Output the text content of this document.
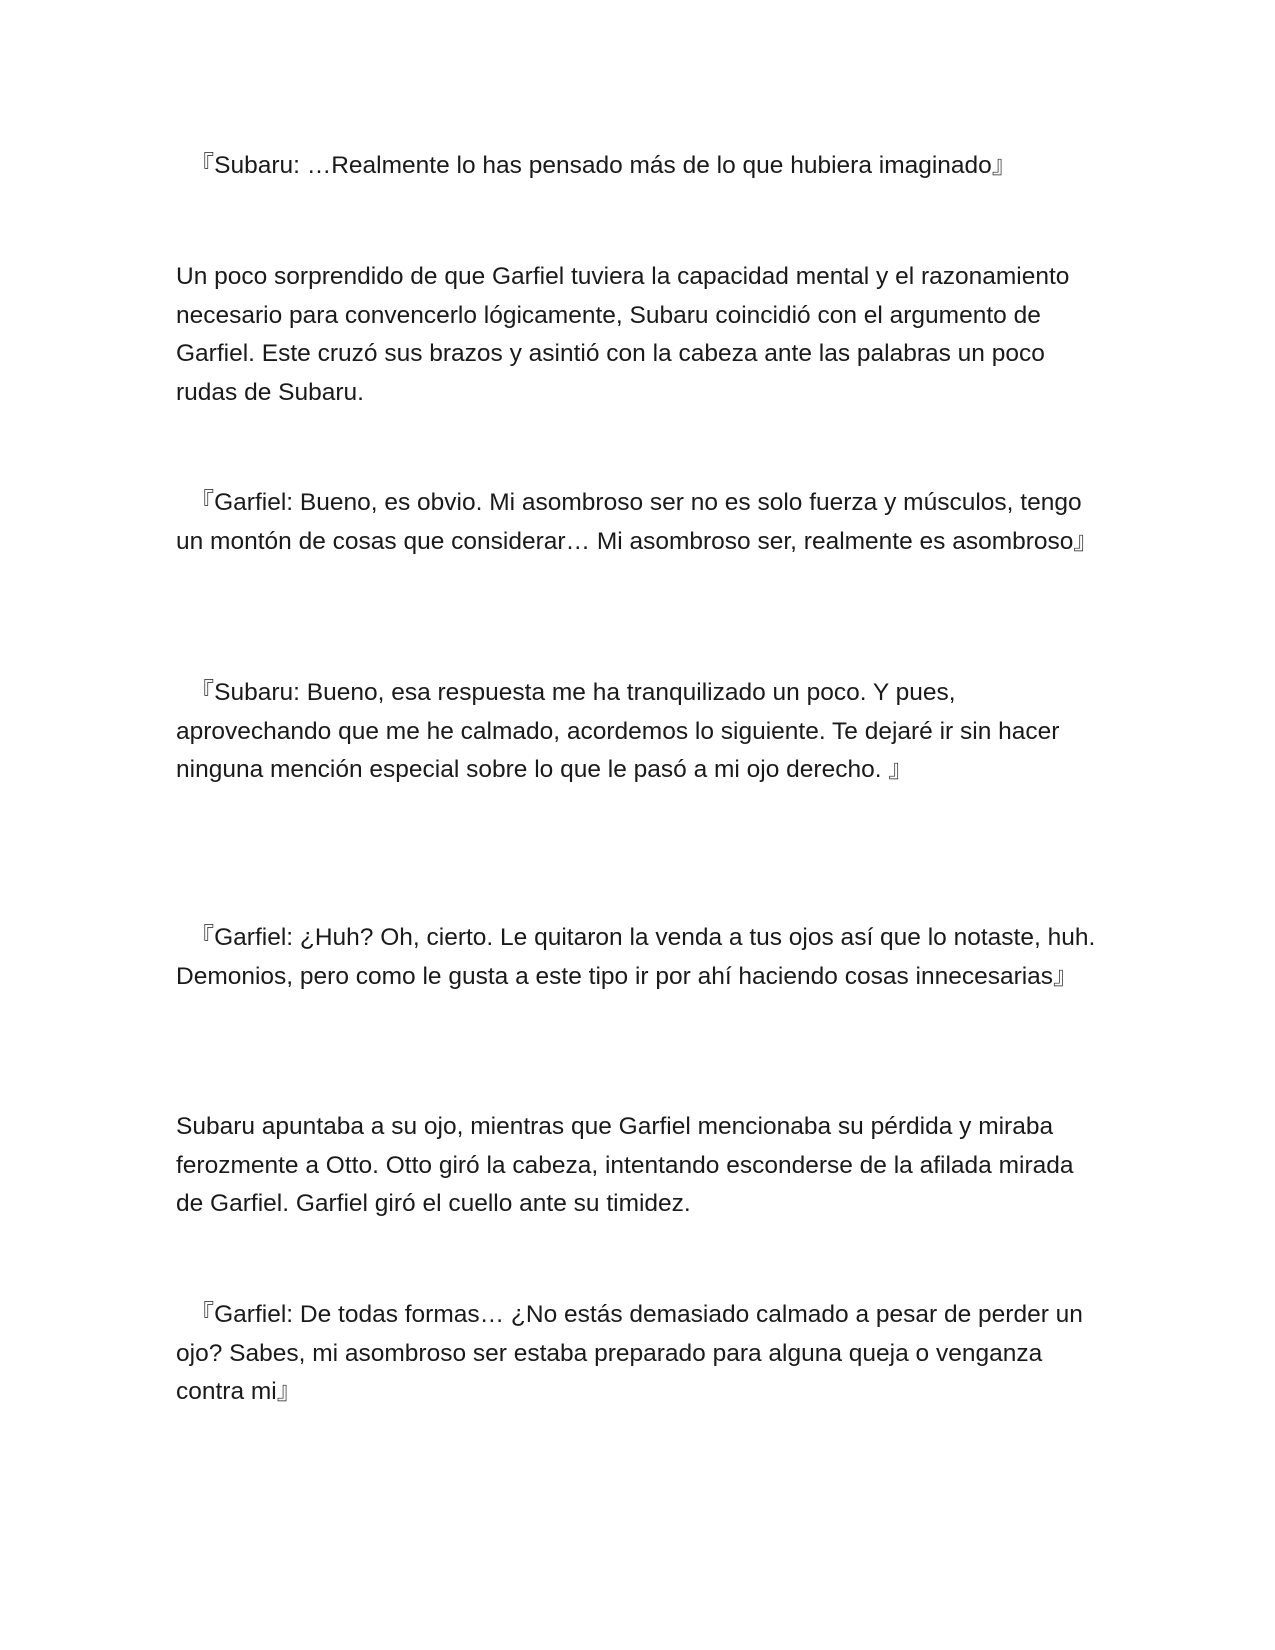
『Subaru: …Realmente lo has pensado más de lo que hubiera imaginado』

Un poco sorprendido de que Garfiel tuviera la capacidad mental y el razonamiento necesario para convencerlo lógicamente, Subaru coincidió con el argumento de Garfiel. Este cruzó sus brazos y asintió con la cabeza ante las palabras un poco rudas de Subaru.

『Garfiel: Bueno, es obvio. Mi asombroso ser no es solo fuerza y músculos, tengo un montón de cosas que considerar… Mi asombroso ser, realmente es asombroso』

『Subaru: Bueno, esa respuesta me ha tranquilizado un poco. Y pues, aprovechando que me he calmado, acordemos lo siguiente. Te dejaré ir sin hacer ninguna mención especial sobre lo que le pasó a mi ojo derecho. 』

『Garfiel: ¿Huh? Oh, cierto. Le quitaron la venda a tus ojos así que lo notaste, huh. Demonios, pero como le gusta a este tipo ir por ahí haciendo cosas innecesarias』

Subaru apuntaba a su ojo, mientras que Garfiel mencionaba su pérdida y miraba ferozmente a Otto. Otto giró la cabeza, intentando esconderse de la afilada mirada de Garfiel. Garfiel giró el cuello ante su timidez.

『Garfiel: De todas formas… ¿No estás demasiado calmado a pesar de perder un ojo? Sabes, mi asombroso ser estaba preparado para alguna queja o venganza contra mi』
